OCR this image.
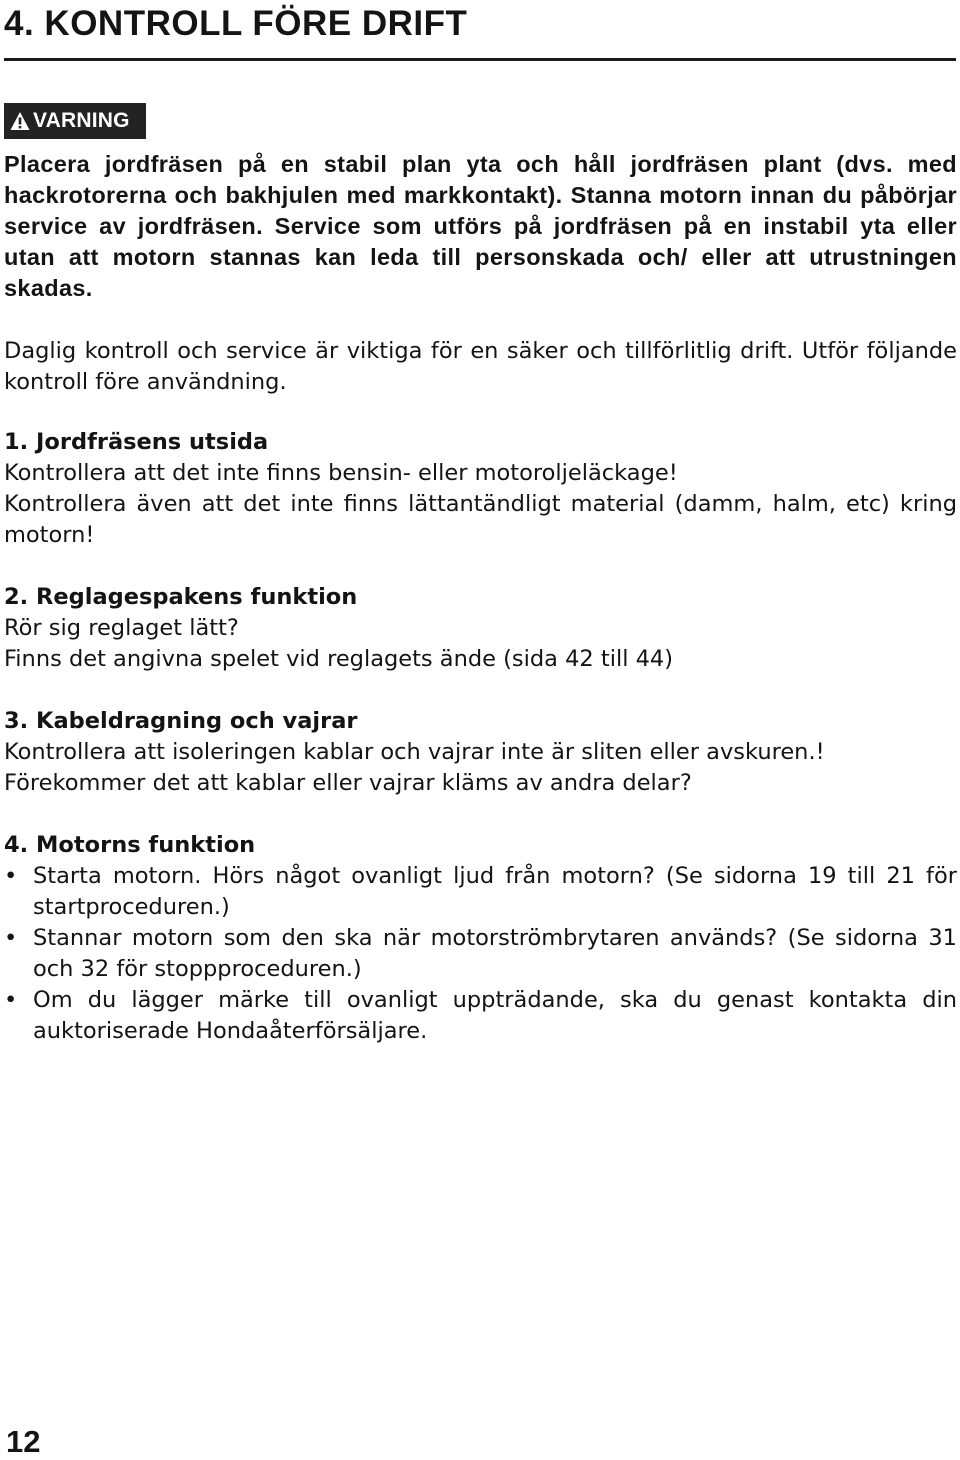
4. KONTROLL FÖRE DRIFT
VARNING
Placera jordfräsen på en stabil plan yta och håll jordfräsen plant (dvs. med hackrotorerna och bakhjulen med markkontakt). Stanna motorn innan du påbörjar service av jordfräsen. Service som utförs på jordfräsen på en instabil yta eller utan att motorn stannas kan leda till personskada och/ eller att utrustningen skadas.
Daglig kontroll och service är viktiga för en säker och tillförlitlig drift. Utför följande kontroll före användning.
1. Jordfräsens utsida
Kontrollera att det inte finns bensin- eller motoroljeläckage!
Kontrollera även att det inte finns lättantändligt material (damm, halm, etc) kring motorn!
2. Reglagespakens funktion
Rör sig reglaget lätt?
Finns det angivna spelet vid reglagets ände (sida 42 till 44)
3. Kabeldragning och vajrar
Kontrollera att isoleringen kablar och vajrar inte är sliten eller avskuren.!
Förekommer det att kablar eller vajrar kläms av andra delar?
4. Motorns funktion
• Starta motorn. Hörs något ovanligt ljud från motorn? (Se sidorna 19 till 21 för startproceduren.)
• Stannar motorn som den ska när motorströmbrytaren används? (Se sidorna 31 och 32 för stoppproceduren.)
• Om du lägger märke till ovanligt uppträdande, ska du genast kontakta din auktoriserade Hondaåterförsäljare.
12
